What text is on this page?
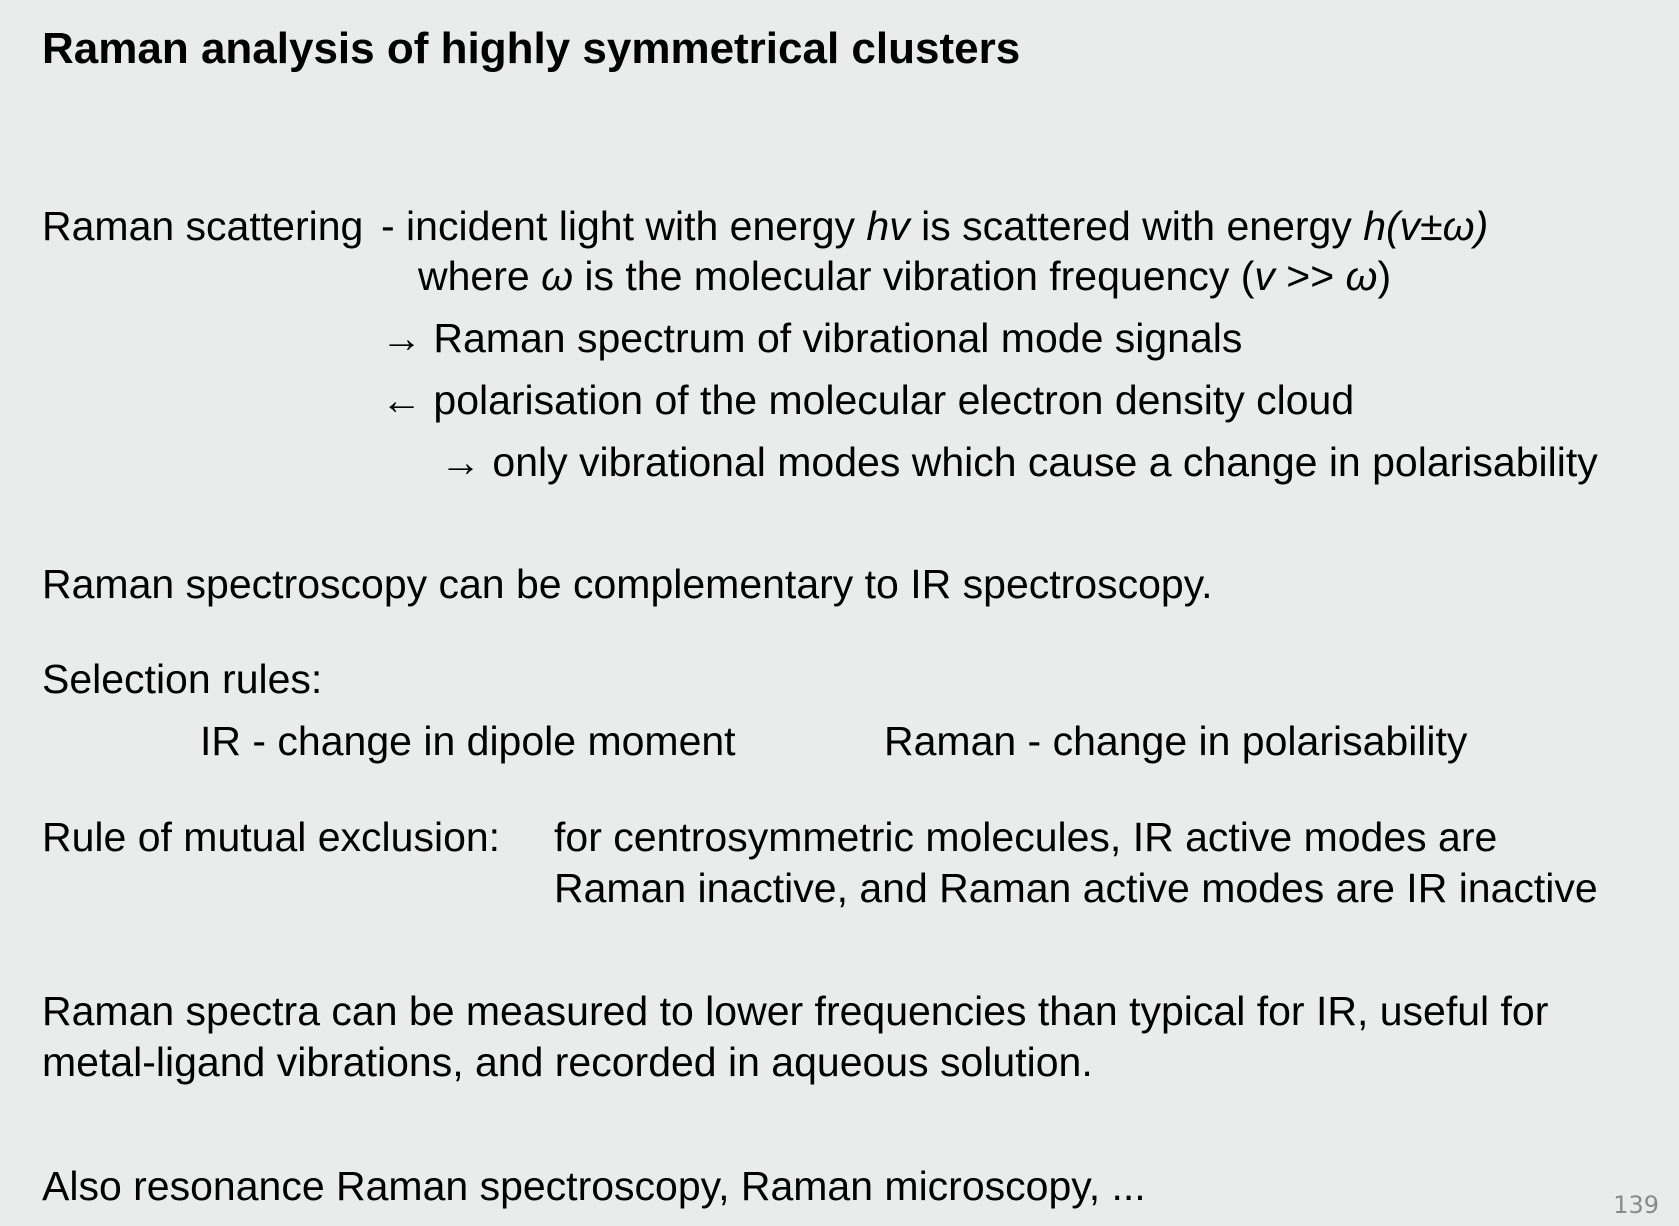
Raman analysis of highly symmetrical clusters
Raman scattering - incident light with energy hv is scattered with energy h(v±ω)
where ω is the molecular vibration frequency (v >> ω)
→ Raman spectrum of vibrational mode signals
← polarisation of the molecular electron density cloud
→ only vibrational modes which cause a change in polarisability
Raman spectroscopy can be complementary to IR spectroscopy.
Selection rules:
IR - change in dipole moment	Raman - change in polarisability
Rule of mutual exclusion: for centrosymmetric molecules, IR active modes are
Raman inactive, and Raman active modes are IR inactive
Raman spectra can be measured to lower frequencies than typical for IR, useful for
metal-ligand vibrations, and recorded in aqueous solution.
Also resonance Raman spectroscopy, Raman microscopy, ...	139
